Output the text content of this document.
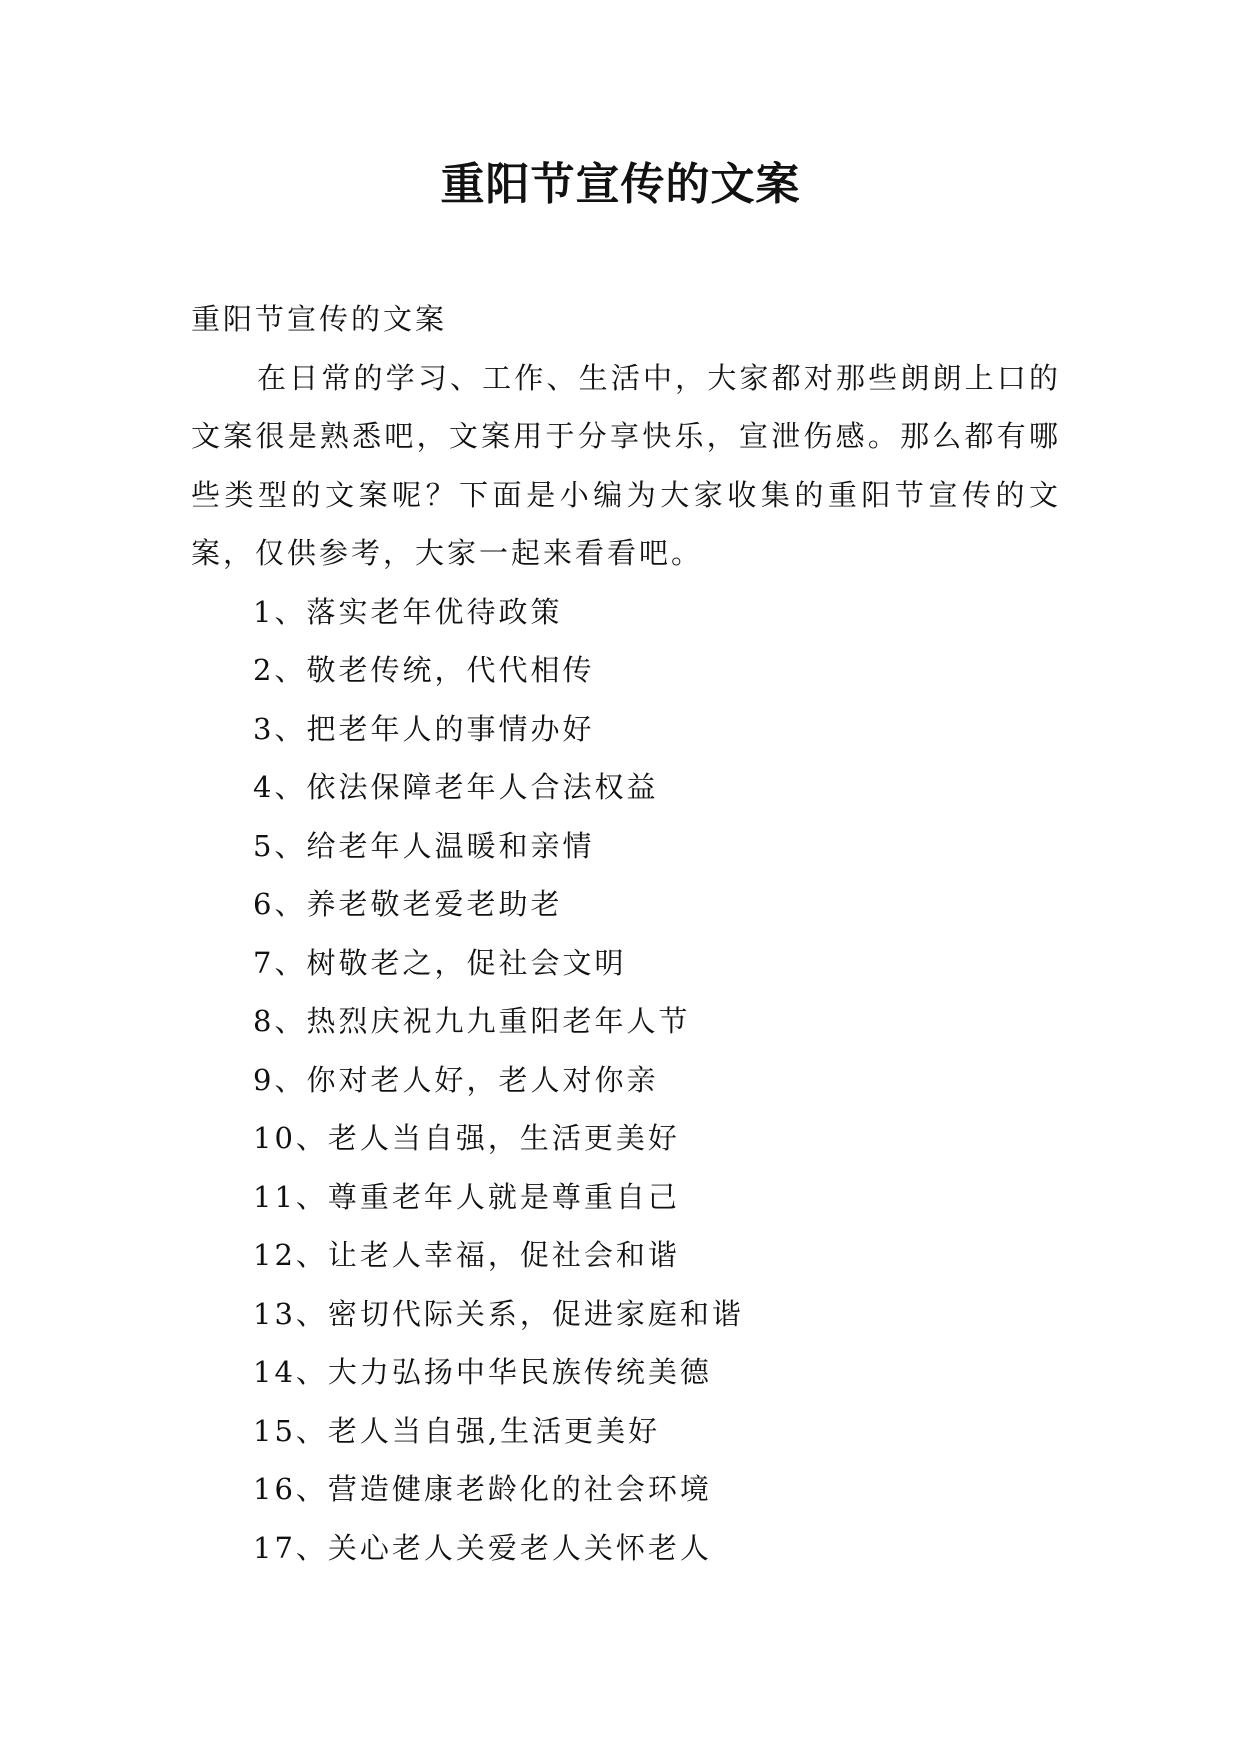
重阳节宣传的文案

重阳节宣传的文案

在日常的学习、工作、生活中，大家都对那些朗朗上口的文案很是熟悉吧，文案用于分享快乐，宣泄伤感。那么都有哪些类型的文案呢？下面是小编为大家收集的重阳节宣传的文案，仅供参考，大家一起来看看吧。

1、落实老年优待政策
2、敬老传统，代代相传
3、把老年人的事情办好
4、依法保障老年人合法权益
5、给老年人温暖和亲情
6、养老敬老爱老助老
7、树敬老之，促社会文明
8、热烈庆祝九九重阳老年人节
9、你对老人好，老人对你亲
10、老人当自强，生活更美好
11、尊重老年人就是尊重自己
12、让老人幸福，促社会和谐
13、密切代际关系，促进家庭和谐
14、大力弘扬中华民族传统美德
15、老人当自强,生活更美好
16、营造健康老龄化的社会环境
17、关心老人关爱老人关怀老人
